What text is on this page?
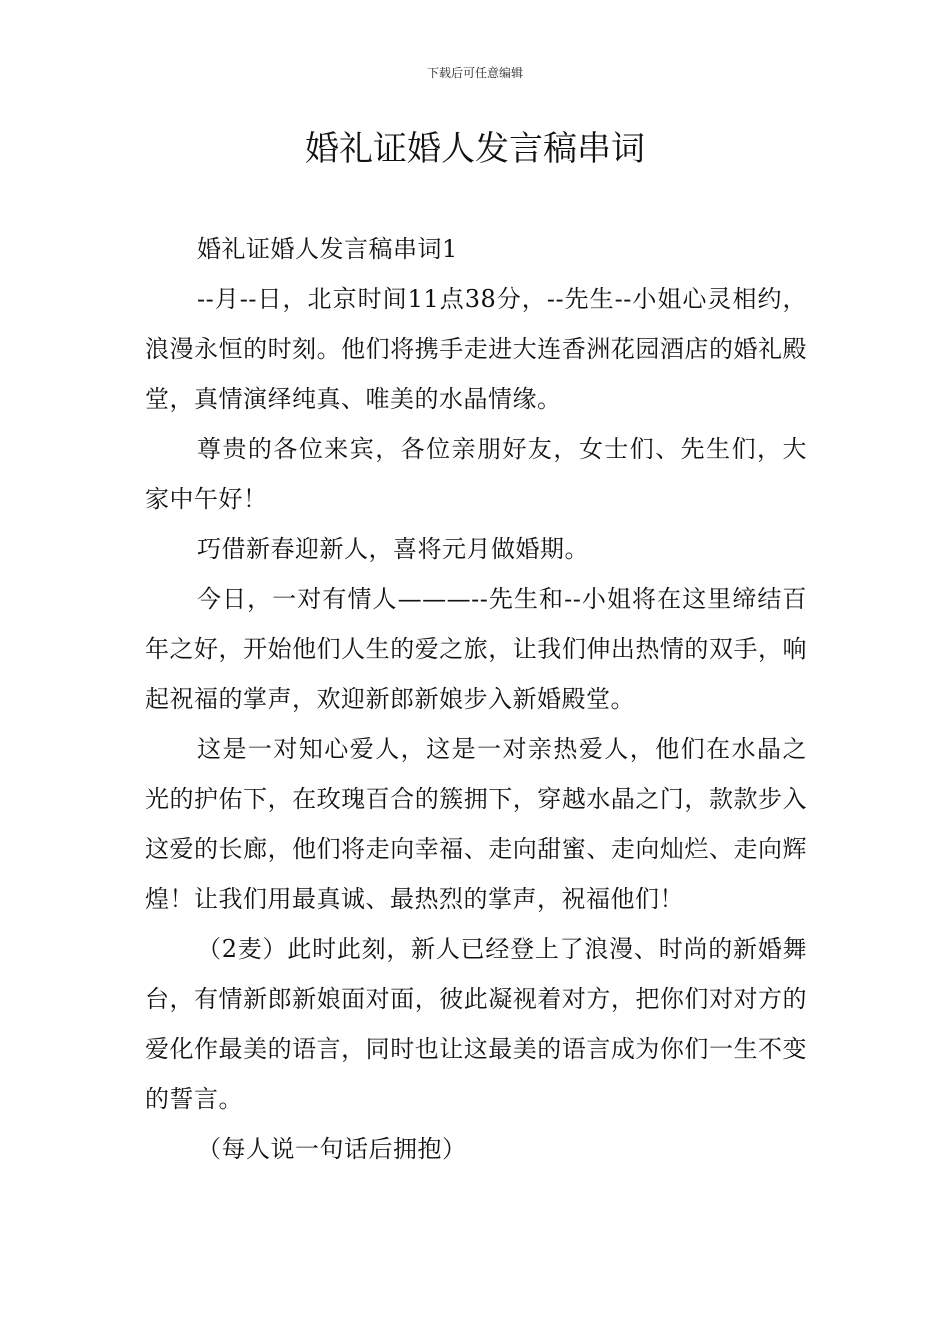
下载后可任意编辑
婚礼证婚人发言稿串词

婚礼证婚人发言稿串词1

--月--日，北京时间11点38分，--先生--小姐心灵相约，浪漫永恒的时刻。他们将携手走进大连香洲花园酒店的婚礼殿堂，真情演绎纯真、唯美的水晶情缘。

尊贵的各位来宾，各位亲朋好友，女士们、先生们，大家中午好！

巧借新春迎新人，喜将元月做婚期。

今日，一对有情人———--先生和--小姐将在这里缔结百年之好，开始他们人生的爱之旅，让我们伸出热情的双手，响起祝福的掌声，欢迎新郎新娘步入新婚殿堂。

这是一对知心爱人，这是一对亲热爱人，他们在水晶之光的护佑下，在玫瑰百合的簇拥下，穿越水晶之门，款款步入这爱的长廊，他们将走向幸福、走向甜蜜、走向灿烂、走向辉煌！让我们用最真诚、最热烈的掌声，祝福他们！

（2麦）此时此刻，新人已经登上了浪漫、时尚的新婚舞台，有情新郎新娘面对面，彼此凝视着对方，把你们对对方的爱化作最美的语言，同时也让这最美的语言成为你们一生不变的誓言。

（每人说一句话后拥抱）
